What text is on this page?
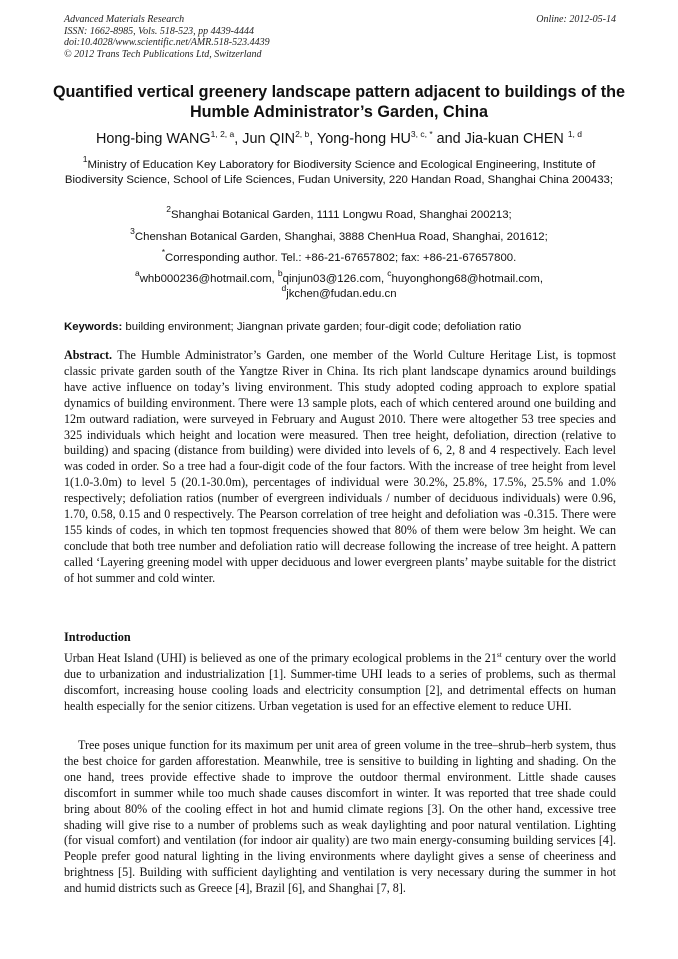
Advanced Materials Research
ISSN: 1662-8985, Vols. 518-523, pp 4439-4444
doi:10.4028/www.scientific.net/AMR.518-523.4439
© 2012 Trans Tech Publications Ltd, Switzerland
Online: 2012-05-14
Quantified vertical greenery landscape pattern adjacent to buildings of the Humble Administrator’s Garden, China
Hong-bing WANG$^{1, 2, a}$, Jun QIN$^{2, b}$, Yong-hong $HU^{3, c, *}$ and Jia-kuan CHEN $^{1, d}$
$^1$Ministry of Education Key Laboratory for Biodiversity Science and Ecological Engineering, Institute of Biodiversity Science, School of Life Sciences, Fudan University, 220 Handan Road, Shanghai China 200433;
$^2$Shanghai Botanical Garden, 1111 Longwu Road, Shanghai 200213;
$^3$Chenshan Botanical Garden, Shanghai, 3888 ChenHua Road, Shanghai, 201612;
*Corresponding author. Tel.: +86-21-67657802; fax: +86-21-67657800.
$^a$whb000236@hotmail.com, $^b$qinjun03@126.com, $^c$huyonghong68@hotmail.com,
$^d$jkchen@fudan.edu.cn
Keywords: building environment; Jiangnan private garden; four-digit code; defoliation ratio
Abstract. The Humble Administrator’s Garden, one member of the World Culture Heritage List, is topmost classic private garden south of the Yangtze River in China. Its rich plant landscape dynamics around buildings have active influence on today’s living environment. This study adopted coding approach to explore spatial dynamics of building environment. There were 13 sample plots, each of which centered around one building and 12m outward radiation, were surveyed in February and August 2010. There were altogether 53 tree species and 325 individuals which height and location were measured. Then tree height, defoliation, direction (relative to building) and spacing (distance from building) were divided into levels of 6, 2, 8 and 4 respectively. Each level was coded in order. So a tree had a four-digit code of the four factors. With the increase of tree height from level 1(1.0-3.0m) to level 5 (20.1-30.0m), percentages of individual were 30.2%, 25.8%, 17.5%, 25.5% and 1.0% respectively; defoliation ratios (number of evergreen individuals / number of deciduous individuals) were 0.96, 1.70, 0.58, 0.15 and 0 respectively. The Pearson correlation of tree height and defoliation was -0.315. There were 155 kinds of codes, in which ten topmost frequencies showed that 80% of them were below 3m height. We can conclude that both tree number and defoliation ratio will decrease following the increase of tree height. A pattern called ‘Layering greening model with upper deciduous and lower evergreen plants’ maybe suitable for the district of hot summer and cold winter.
Introduction
Urban Heat Island (UHI) is believed as one of the primary ecological problems in the 21st century over the world due to urbanization and industrialization [1]. Summer-time UHI leads to a series of problems, such as thermal discomfort, increasing house cooling loads and electricity consumption [2], and detrimental effects on human health especially for the senior citizens. Urban vegetation is used for an effective element to reduce UHI.
Tree poses unique function for its maximum per unit area of green volume in the tree–shrub–herb system, thus the best choice for garden afforestation. Meanwhile, tree is sensitive to building in lighting and shading. On the one hand, trees provide effective shade to improve the outdoor thermal environment. Little shade causes discomfort in summer while too much shade causes discomfort in winter. It was reported that tree shade could bring about 80% of the cooling effect in hot and humid climate regions [3]. On the other hand, excessive tree shading will give rise to a number of problems such as weak daylighting and poor natural ventilation. Lighting (for visual comfort) and ventilation (for indoor air quality) are two main energy-consuming building services [4]. People prefer good natural lighting in the living environments where daylight gives a sense of cheeriness and brightness [5]. Building with sufficient daylighting and ventilation is very necessary during the summer in hot and humid districts such as Greece [4], Brazil [6], and Shanghai [7, 8].
